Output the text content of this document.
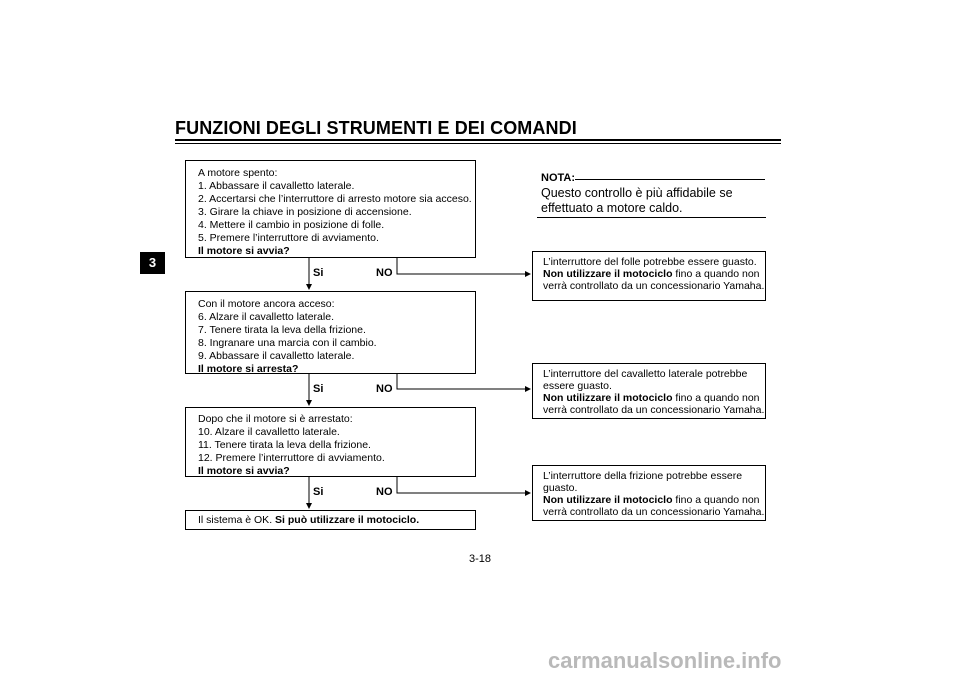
FUNZIONI DEGLI STRUMENTI E DEI COMANDI
3
A motore spento:
1. Abbassare il cavalletto laterale.
2. Accertarsi che l’interruttore di arresto motore sia acceso.
3. Girare la chiave in posizione di accensione.
4. Mettere il cambio in posizione di folle.
5. Premere l’interruttore di avviamento.
Il motore si avvia?
Con il motore ancora acceso:
6. Alzare il cavalletto laterale.
7. Tenere tirata la leva della frizione.
8. Ingranare una marcia con il cambio.
9. Abbassare il cavalletto laterale.
Il motore si arresta?
Dopo che il motore si è arrestato:
10. Alzare il cavalletto laterale.
11. Tenere tirata la leva della frizione.
12. Premere l’interruttore di avviamento.
Il motore si avvia?
Il sistema è OK. Si può utilizzare il motociclo.
Si	NO
Si	NO
Si	NO
L’interruttore del folle potrebbe essere guasto.
Non utilizzare il motociclo fino a quando non
verrà controllato da un concessionario Yamaha.
L’interruttore del cavalletto laterale potrebbe
essere guasto.
Non utilizzare il motociclo fino a quando non
verrà controllato da un concessionario Yamaha.
L’interruttore della frizione potrebbe essere
guasto.
Non utilizzare il motociclo fino a quando non
verrà controllato da un concessionario Yamaha.
NOTA:
Questo controllo è più affidabile se effettuato a motore caldo.
3-18
carmanualsonline.info
